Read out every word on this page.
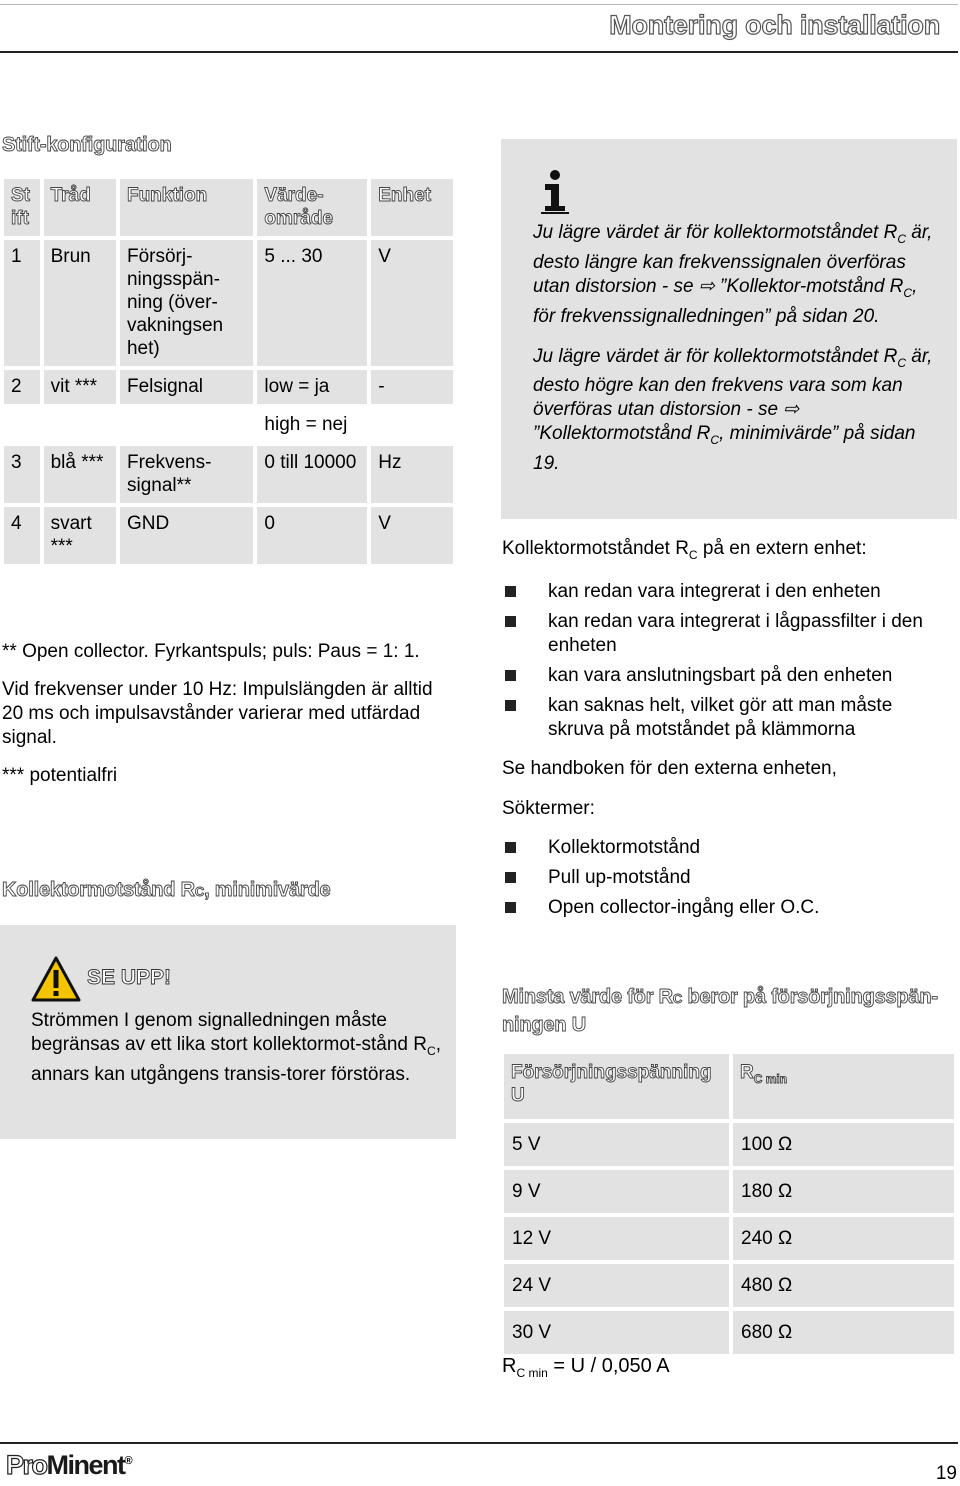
Montering och installation
Stift-konfiguration
St ift	Tråd	Funktion	Värde-område	Enhet
1	Brun	Försörj-ningsspän-ning (över-vakningsen het)	5 ... 30	V
2	vit ***	Felsignal	low = ja	-
			high = nej	
3	blå ***	Frekvens-signal**	0 till 10000	Hz
4	svart ***	GND	0	V

** Open collector. Fyrkantspuls; puls: Paus = 1: 1.

Vid frekvenser under 10 Hz: Impulslängden är alltid 20 ms och impulsavstånder varierar med utfärdad signal.

*** potentialfri

Kollektormotstånd RC, minimivärde

Ju lägre värdet är för kollektormotståndet $R_C$ är, desto längre kan frekvenssignalen överföras utan distorsion - se ⇨ ”Kollektor-motstånd $R_C$, för frekvenssignalledningen” på sidan 20.

Ju lägre värdet är för kollektormotståndet $R_C$ är, desto högre kan den frekvens vara som kan överföras utan distorsion - se ⇨ ”Kollektormotstånd $R_C$, minimivärde” på sidan 19.

Kollektormotståndet $R_C$ på en extern enhet:
kan redan vara integrerat i den enheten
kan redan vara integrerat i lågpassfilter i den enheten
kan vara anslutningsbart på den enheten
kan saknas helt, vilket gör att man måste skruva på motståndet på klämmorna
Se handboken för den externa enheten,
Söktermer:
Kollektormotstånd
Pull up-motstånd
Open collector-ingång eller O.C.
SE UPP!
Strömmen I genom signalledningen måste begränsas av ett lika stort kollektormot-stånd $R_C$, annars kan utgångens transis-torer förstöras.
Minsta värde för RC beror på försörjningsspän-ningen U
Försörjningsspänning U	$R_{C min}$
5 V	100 Ω
9 V	180 Ω
12 V	240 Ω
24 V	480 Ω
30 V	680 Ω
$R_{C min} = U / 0,050$ A
ProMinent®
19
